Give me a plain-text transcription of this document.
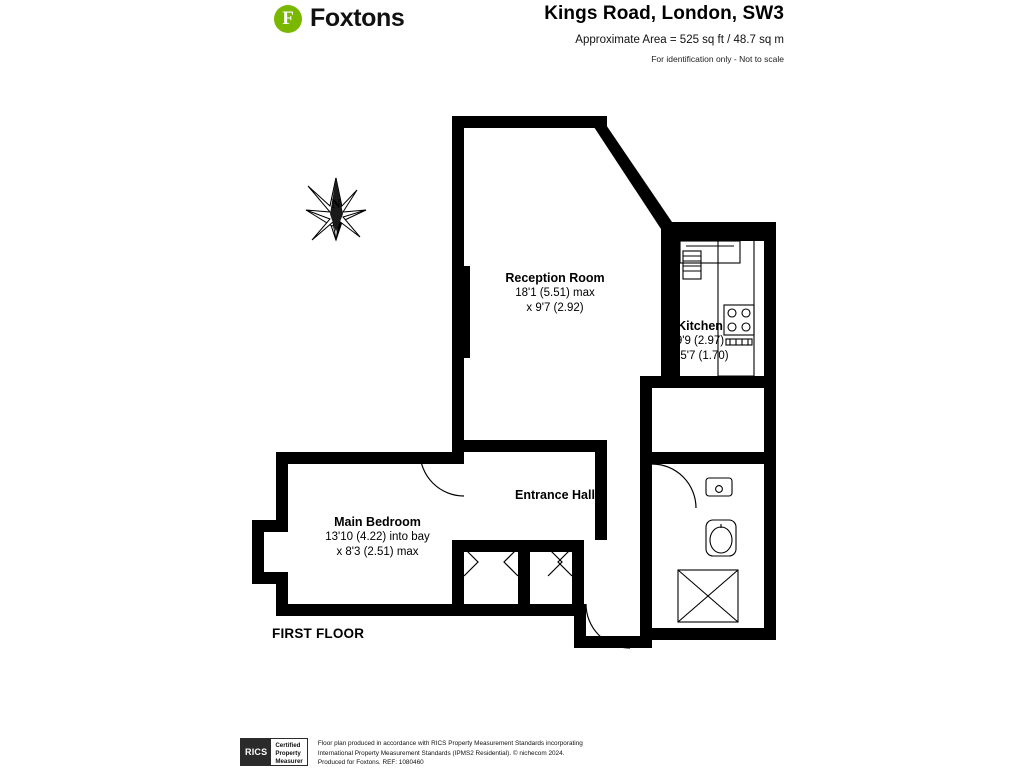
F Foxtons	Kings Road, London, SW3
Approximate Area = 525 sq ft / 48.7 sq m
For identification only - Not to scale
N
Reception Room
18'1 (5.51) max
x 9'7 (2.92)
Kitchen
9'9 (2.97)
x 5'7 (1.70)
Entrance Hall
Main Bedroom
13'10 (4.22) into bay
x 8'3 (2.51) max
FIRST FLOOR
RICS
Certified
Property
Measurer
Floor plan produced in accordance with RICS Property Measurement Standards incorporating
International Property Measurement Standards (IPMS2 Residential). © nichecom 2024.
Produced for Foxtons. REF: 1080460
